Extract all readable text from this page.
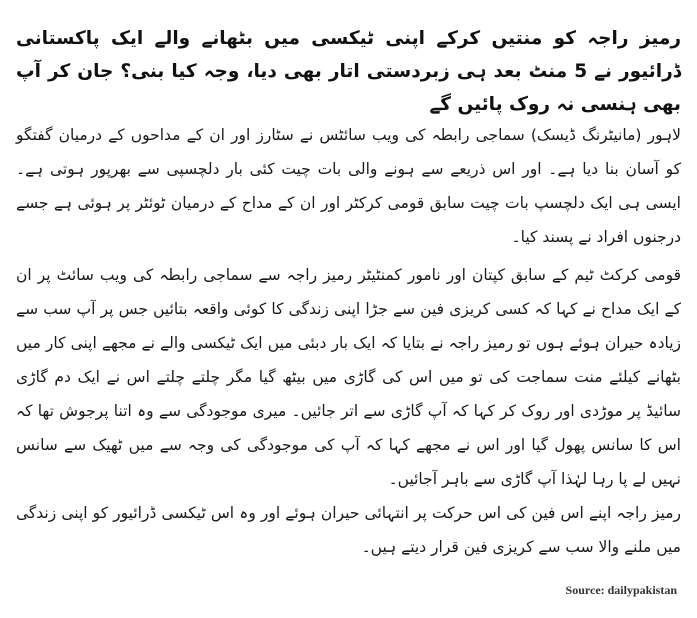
رمیز راجہ کو منتیں کرکے اپنی ٹیکسی میں بٹھانے والے ایک پاکستانی ڈرائیور نے 5 منٹ بعد ہی زبردستی اتار بھی دیا، وجہ کیا بنی؟ جان کر آپ بھی ہنسی نہ روک پائیں گے

لاہور (مانیٹرنگ ڈیسک) سماجی رابطہ کی ویب سائٹس نے سٹارز اور ان کے مداحوں کے درمیان گفتگو کو آسان بنا دیا ہے۔ اور اس ذریعے سے ہونے والی بات چیت کئی بار دلچسپی سے بھرپور ہوتی ہے۔ ایسی ہی ایک دلچسپ بات چیت سابق قومی کرکٹر اور ان کے مداح کے درمیان ٹوئٹر پر ہوئی ہے جسے درجنوں افراد نے پسند کیا۔

قومی کرکٹ ٹیم کے سابق کپتان اور نامور کمنٹیٹر رمیز راجہ سے سماجی رابطہ کی ویب سائٹ پر ان کے ایک مداح نے کہا کہ کسی کریزی فین سے جڑا اپنی زندگی کا کوئی واقعہ بتائیں جس پر آپ سب سے زیادہ حیران ہوئے ہوں تو رمیز راجہ نے بتایا کہ ایک بار دبئی میں ایک ٹیکسی والے نے مجھے اپنی کار میں بٹھانے کیلئے منت سماجت کی تو میں اس کی گاڑی میں بیٹھ گیا مگر چلتے چلتے اس نے ایک دم گاڑی سائیڈ پر موڑدی اور روک کر کہا کہ آپ گاڑی سے اتر جائیں۔ میری موجودگی سے وہ اتنا پرجوش تھا کہ اس کا سانس پھول گیا اور اس نے مجھے کہا کہ آپ کی موجودگی کی وجہ سے میں ٹھیک سے سانس نہیں لے پا رہا لہٰذا آپ گاڑی سے باہر آجائیں۔

رمیز راجہ اپنے اس فین کی اس حرکت پر انتہائی حیران ہوئے اور وہ اس ٹیکسی ڈرائیور کو اپنی زندگی میں ملنے والا سب سے کریزی فین قرار دیتے ہیں۔

Source: dailypakistan
